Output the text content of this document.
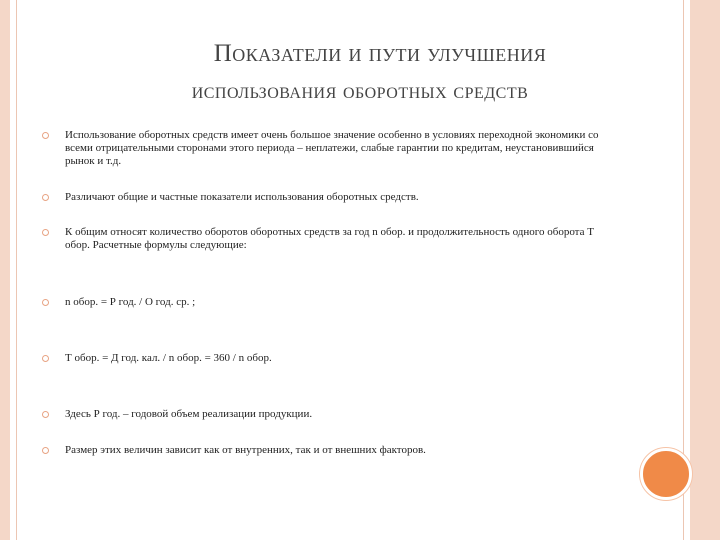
Показатели и пути улучшения
использования оборотных средств
Использование оборотных средств имеет очень большое значение особенно в условиях переходной экономики со всеми отрицательными сторонами этого периода – неплатежи, слабые гарантии по кредитам, неустановившийся рынок и т.д.
Различают общие и частные показатели использования оборотных средств.
К общим относят количество оборотов оборотных средств за год n обор. и продолжительность одного оборота Т обор. Расчетные формулы следующие:
n обор. = Р год. / О год. ср. ;
Т обор. = Д год. кал. / n обор. = 360 / n обор.
Здесь Р год. – годовой объем реализации продукции.
Размер этих величин зависит как от внутренних, так и от внешних факторов.
